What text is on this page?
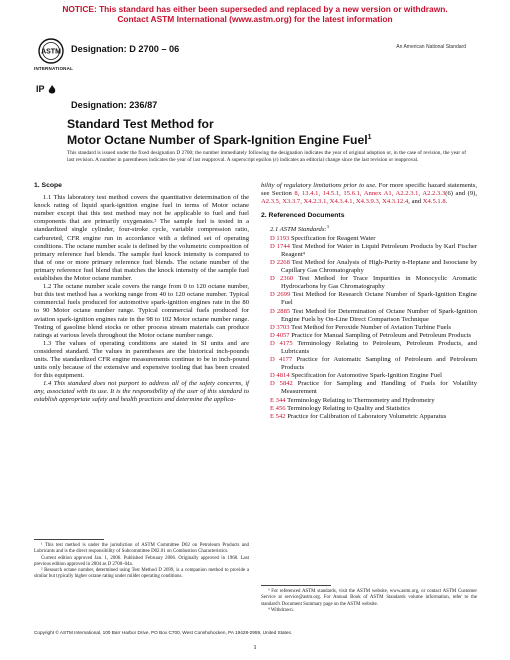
NOTICE: This standard has either been superseded and replaced by a new version or withdrawn.
Contact ASTM International (www.astm.org) for the latest information
ASTM
INTERNATIONAL
Designation: D 2700 – 06	An American National Standard
IP
Designation: 236/87
Standard Test Method for
Motor Octane Number of Spark-Ignition Engine Fuel$^1$
This standard is issued under the fixed designation D 2700; the number immediately following the designation indicates the year of original adoption or, in the case of revision, the year of last revision. A number in parentheses indicates the year of last reapproval. A superscript epsilon (ε) indicates an editorial change since the last revision or reapproval.
1. Scope

1.1 This laboratory test method covers the quantitative determination of the knock rating of liquid spark-ignition engine fuel in terms of Motor octane number except that this test method may not be applicable to fuel and fuel components that are primarily oxygenates.² The sample fuel is tested in a standardized single cylinder, four-stroke cycle, variable compression ratio, carbureted, CFR engine run in accordance with a defined set of operating conditions. The octane number scale is defined by the volumetric composition of primary reference fuel blends. The sample fuel knock intensity is compared to that of one or more primary reference fuel blends. The octane number of the primary reference fuel blend that matches the knock intensity of the sample fuel establishes the Motor octane number.

1.2 The octane number scale covers the range from 0 to 120 octane number, but this test method has a working range from 40 to 120 octane number. Typical commercial fuels produced for automotive spark-ignition engines rate in the 80 to 90 Motor octane number range. Typical commercial fuels produced for aviation spark-ignition engines rate in the 98 to 102 Motor octane number range. Testing of gasoline blend stocks or other process stream materials can produce ratings at various levels throughout the Motor octane number range.

1.3 The values of operating conditions are stated in SI units and are considered standard. The values in parentheses are the historical inch-pounds units. The standardized CFR engine measurements continue to be in inch-pound units only because of the extensive and expensive tooling that has been created for this equipment.

1.4 This standard does not purport to address all of the safety concerns, if any, associated with its use. It is the responsibility of the user of this standard to establish appropriate safety and health practices and determine the applica-

¹ This test method is under the jurisdiction of ASTM Committee D02 on Petroleum Products and Lubricants and is the direct responsibility of Subcommittee D02.01 on Combustion Characteristics.

Current edition approved Jan. 1, 2006. Published February 2006. Originally approved in 1968. Last previous edition approved in 2004 as D 2700–04a.

² Research octane number, determined using Test Method D 2699, is a companion method to provide a similar but typically higher octane rating under milder operating conditions.

bility of regulatory limitations prior to use. For more specific hazard statements, see Section 8, 13.4.1, 14.5.1, 15.6.1, Annex A1, A2.2.3.1, A2.2.3.3(6) and (9), A2.3.5, X3.3.7, X4.2.3.1, X4.3.4.1, X4.3.9.3, X4.3.12.4, and X4.5.1.8.

2. Referenced Documents
2.1 ASTM Standards:$^3$

D 1193 Specification for Reagent Water

D 1744 Test Method for Water in Liquid Petroleum Products by Karl Fischer Reagent⁴

D 2268 Test Method for Analysis of High-Purity n-Heptane and Isooctane by Capillary Gas Chromatography

D 2360 Test Method for Trace Impurities in Monocyclic Aromatic Hydrocarbons by Gas Chromatography

D 2699 Test Method for Research Octane Number of Spark-Ignition Engine Fuel

D 2885 Test Method for Determination of Octane Number of Spark-Ignition Engine Fuels by On-Line Direct Comparison Technique

D 3703 Test Method for Peroxide Number of Aviation Turbine Fuels

D 4057 Practice for Manual Sampling of Petroleum and Petroleum Products

D 4175 Terminology Relating to Petroleum, Petroleum Products, and Lubricants

D 4177 Practice for Automatic Sampling of Petroleum and Petroleum Products

D 4814 Specification for Automotive Spark-Ignition Engine Fuel

D 5842 Practice for Sampling and Handling of Fuels for Volatility Measurement

E 344 Terminology Relating to Thermometry and Hydrometry

E 456 Terminology Relating to Quality and Statistics

E 542 Practice for Calibration of Laboratory Volumetric Apparatus

³ For referenced ASTM standards, visit the ASTM website, www.astm.org, or contact ASTM Customer Service at service@astm.org. For Annual Book of ASTM Standards volume information, refer to the standard's Document Summary page on the ASTM website.

⁴ Withdrawn.

Copyright © ASTM International, 100 Barr Harbor Drive, PO Box C700, West Conshohocken, PA 19428-2959, United States.
1
